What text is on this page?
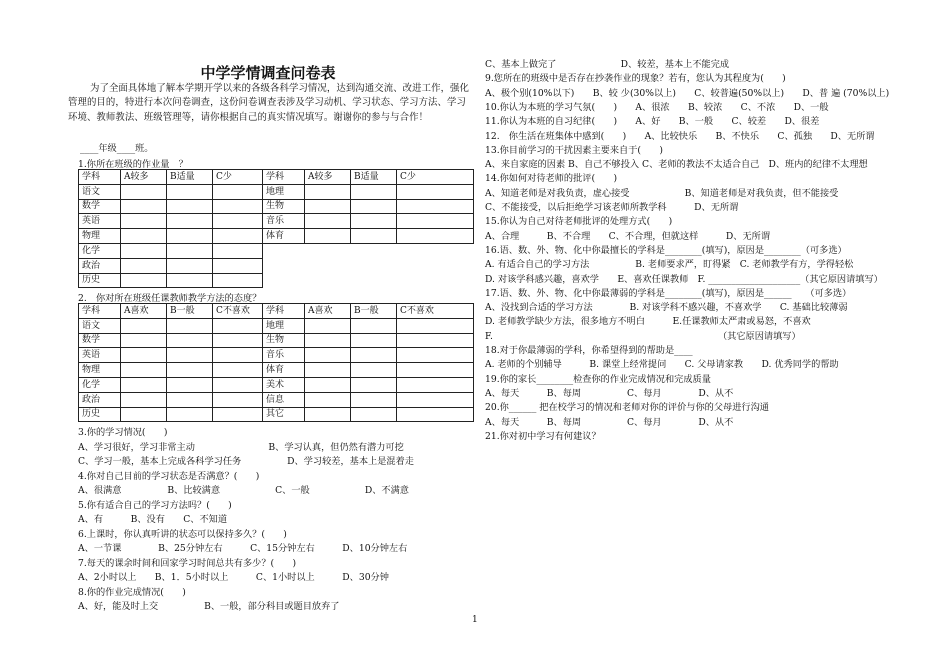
中学学情调查问卷表
为了全面具体地了解本学期开学以来的各级各科学习情况，达到沟通交流、改进工作，强化管理的目的，特进行本次问卷调查，这份问卷调查表涉及学习动机、学习状态、学习方法、学习环境、教师教法、班级管理等，请你根据自己的真实情况填写。谢谢你的参与与合作！
____年级____班。
1.你所在班级的作业量　？
学科	A较多	B适量	C少	学科	A较多	B适量	C少
语文				地理			
数学				生物			
英语				音乐			
物理				体育			
化学							
政治							
历史							
2.　你对所在班级任课教师教学方法的态度？
学科	A喜欢	B一般	C不喜欢	学科	A喜欢	B一般	C不喜欢
语文				地理			
数学				生物			
英语				音乐			
物理				体育			
化学				美术			
政治				信息			
历史				其它			
3.你的学习情况(　　)
A、学习很好，学习非常主动　　　　　　　　B、学习认真，但仍然有潜力可挖
C、学习一般，基本上完成各科学习任务　　　　　D、学习较差，基本上是混着走
4.你对自己目前的学习状态是否满意？(　　)
A、很满意　　　　　B、比较满意　　　　　　C、一般　　　　　　D、不满意
5.你有适合自己的学习方法吗？(　　)
A、有　　　B、没有　　C、不知道
6.上课时，你认真听讲的状态可以保持多久？(　　)
A、一节课　　　　B、25分钟左右　　　C、15分钟左右　　　D、10分钟左右
7.每天的课余时间和回家学习时间总共有多少？(　　)
A、2小时以上　　B、1．5小时以上　　　C、1小时以上　　　D、30分钟
8.你的作业完成情况(　　)
A、好，能及时上交　　　　　B、一般，部分科目或题目放弃了
C、基本上做完了　　　　　　　D、较差，基本上不能完成
9.您所在的班级中是否存在抄袭作业的现象？若有，您认为其程度为(　　)
A、极个别(10%以下)　　B、较 少(30%以上)　　C、较普遍(50%以上)　　D、普 遍 (70%以上)
10.你认为本班的学习气氛(　　)　　A、很浓　　B、较浓　　C、不浓　　D、一般
11.你认为本班的自习纪律(　　)　　A、好　　B、一般　　C、较差　　D、很差
12.　你生活在班集体中感到(　　)　　A、比较快乐　　B、不快乐　　C、孤独　　D、无所谓
13.你目前学习的干扰因素主要来自于(　　)
A、来自家庭的因素 B、自己不够投入 C、老师的教法不太适合自己　D、班内的纪律不太理想
14.你如何对待老师的批评(　　)
A、知道老师是对我负责，虚心接受　　　　　　B、知道老师是对我负责，但不能接受
C、不能接受，以后拒绝学习该老师所教学科　　　D、无所谓
15.你认为自己对待老师批评的处理方式(　　)
A、合理　　　B、不合理　　C、不合理，但就这样　　　D、无所谓
16.语、数、外、物、化中你最擅长的学科是________(填写)，原因是________（可多选）
A. 有适合自己的学习方法　　　　　B. 老师要求严，盯得紧　C. 老师教学有方，学得轻松
D. 对该学科感兴趣，喜欢学　　E、喜欢任课教师　F. ____________________（其它原因请填写）
17.语、数、外、物、化中你最薄弱的学科是________(填写)，原因是______　　（可多选）
A、没找到合适的学习方法　　　　B. 对该学科不感兴趣，不喜欢学　　C. 基础比较薄弱
D. 老师教学缺少方法，很多地方不明白　　　E.任课教师太严肃或易怒，不喜欢
F.　　　　　　　　　　　　　　　　　　　　　　　　　（其它原因请填写）
18.对于你最薄弱的学科，你希望得到的帮助是____
A. 老师的个别辅导　　　B. 课堂上经常提问　　C. 父母请家教　　D. 优秀同学的帮助
19.你的家长________检查你的作业完成情况和完成质量
A、每天　　　B、每周　　　　　C、每月　　　　D、从不
20.你______ 把在校学习的情况和老师对你的评价与你的父母进行沟通
A、每天　　　B、每周　　　　　C、每月　　　　D、从不
21.你对初中学习有何建议？
1
